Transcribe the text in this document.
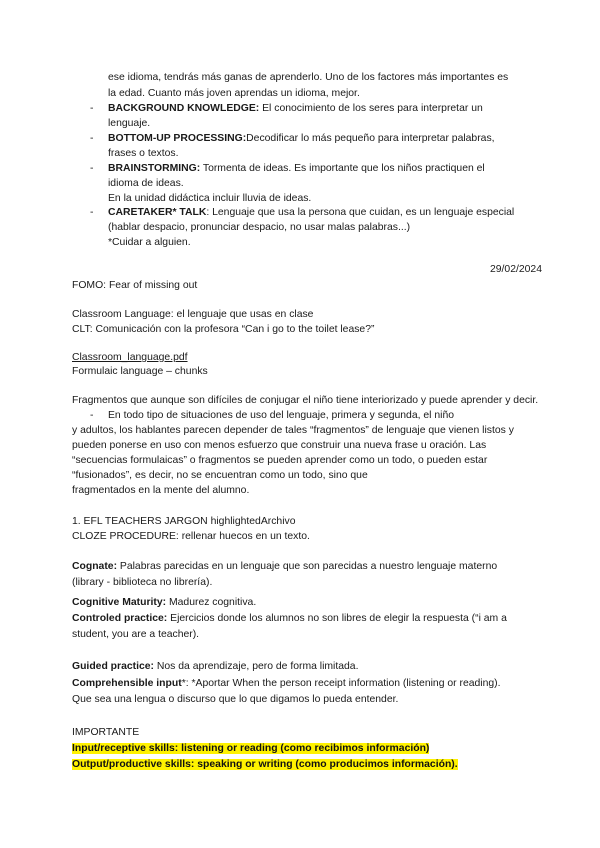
ese idioma, tendrás más ganas de aprenderlo. Uno de los factores más importantes es
la edad. Cuanto más joven aprendas un idioma, mejor.
- BACKGROUND KNOWLEDGE: El conocimiento de los seres para interpretar un
lenguaje.
- BOTTOM-UP PROCESSING:Decodificar lo más pequeño para interpretar palabras,
frases o textos.
- BRAINSTORMING: Tormenta de ideas. Es importante que los niños practiquen el
idioma de ideas.
En la unidad didáctica incluir lluvia de ideas.
- CARETAKER* TALK: Lenguaje que usa la persona que cuidan, es un lenguaje especial
(hablar despacio, pronunciar despacio, no usar malas palabras...)
*Cuidar a alguien.
29/02/2024
FOMO: Fear of missing out
Classroom Language: el lenguaje que usas en clase
CLT: Comunicación con la profesora “Can i go to the toilet lease?”
Classroom_language.pdf
Formulaic language – chunks
Fragmentos que aunque son difíciles de conjugar el niño tiene interiorizado y puede aprender y decir.
- En todo tipo de situaciones de uso del lenguaje, primera y segunda, el niño
y adultos, los hablantes parecen depender de tales “fragmentos” de lenguaje que vienen listos y
pueden ponerse en uso con menos esfuerzo que construir una nueva frase u oración. Las
“secuencias formulaicas” o fragmentos se pueden aprender como un todo, o pueden estar
“fusionados”, es decir, no se encuentran como un todo, sino que
fragmentados en la mente del alumno.
1. EFL TEACHERS JARGON highlightedArchivo
CLOZE PROCEDURE: rellenar huecos en un texto.
Cognate: Palabras parecidas en un lenguaje que son parecidas a nuestro lenguaje materno
(library - biblioteca no librería).
Cognitive Maturity: Madurez cognitiva.
Controled practice: Ejercicios donde los alumnos no son libres de elegir la respuesta (“i am a
student, you are a teacher).
Guided practice: Nos da aprendizaje, pero de forma limitada.
Comprehensible input*: *Aportar When the person receipt information (listening or reading).
Que sea una lengua o discurso que lo que digamos lo pueda entender.
IMPORTANTE
Input/receptive skills: listening or reading (como recibimos información)
Output/productive skills: speaking or writing (como producimos información).
